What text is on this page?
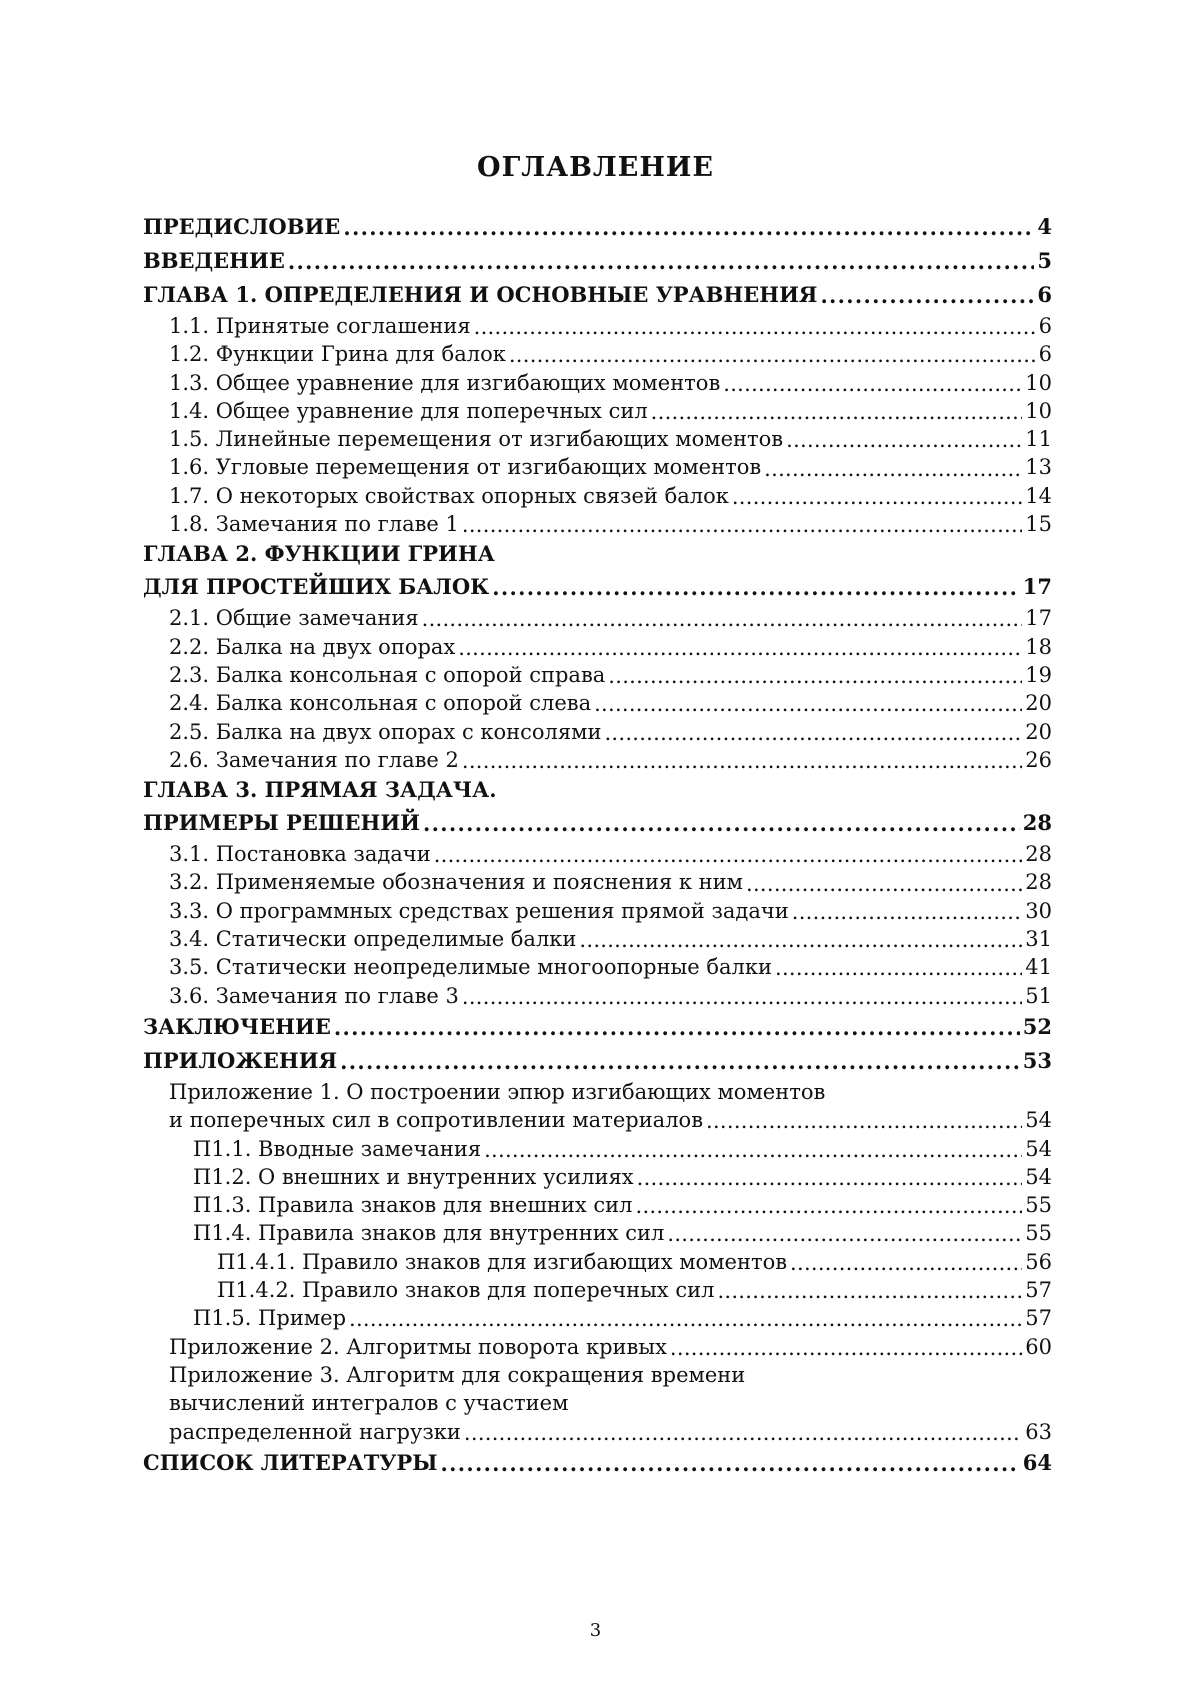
ОГЛАВЛЕНИЕ
ПРЕДИСЛОВИЕ . . .	4
ВВЕДЕНИЕ . . .	5
ГЛАВА 1. ОПРЕДЕЛЕНИЯ И ОСНОВНЫЕ УРАВНЕНИЯ . . .	6
1.1. Принятые соглашения . . .	6
1.2. Функции Грина для балок . . .	6
1.3. Общее уравнение для изгибающих моментов . . .	10
1.4. Общее уравнение для поперечных сил . . .	10
1.5. Линейные перемещения от изгибающих моментов . . .	11
1.6. Угловые перемещения от изгибающих моментов . . .	13
1.7. О некоторых свойствах опорных связей балок . . .	14
1.8. Замечания по главе 1 . . .	15
ГЛАВА 2. ФУНКЦИИ ГРИНА
ДЛЯ ПРОСТЕЙШИХ БАЛОК . . .	17
2.1. Общие замечания . . .	17
2.2. Балка на двух опорах . . .	18
2.3. Балка консольная с опорой справа . . .	19
2.4. Балка консольная с опорой слева . . .	20
2.5. Балка на двух опорах с консолями . . .	20
2.6. Замечания по главе 2 . . .	26
ГЛАВА 3. ПРЯМАЯ ЗАДАЧА.
ПРИМЕРЫ РЕШЕНИЙ . . .	28
3.1. Постановка задачи . . .	28
3.2. Применяемые обозначения и пояснения к ним . . .	28
3.3. О программных средствах решения прямой задачи . . .	30
3.4. Статически определимые балки . . .	31
3.5. Статически неопределимые многоопорные балки . . .	41
3.6. Замечания по главе 3 . . .	51
ЗАКЛЮЧЕНИЕ . . .	52
ПРИЛОЖЕНИЯ . . .	53
Приложение 1. О построении эпюр изгибающих моментов
и поперечных сил в сопротивлении материалов . . .	54
П1.1. Вводные замечания . . .	54
П1.2. О внешних и внутренних усилиях . . .	54
П1.3. Правила знаков для внешних сил . . .	55
П1.4. Правила знаков для внутренних сил . . .	55
П1.4.1. Правило знаков для изгибающих моментов . . .	56
П1.4.2. Правило знаков для поперечных сил . . .	57
П1.5. Пример . . .	57
Приложение 2. Алгоритмы поворота кривых . . .	60
Приложение 3. Алгоритм для сокращения времени
вычислений интегралов с участием
распределенной нагрузки . . .	63
СПИСОК ЛИТЕРАТУРЫ . . .	64
3
